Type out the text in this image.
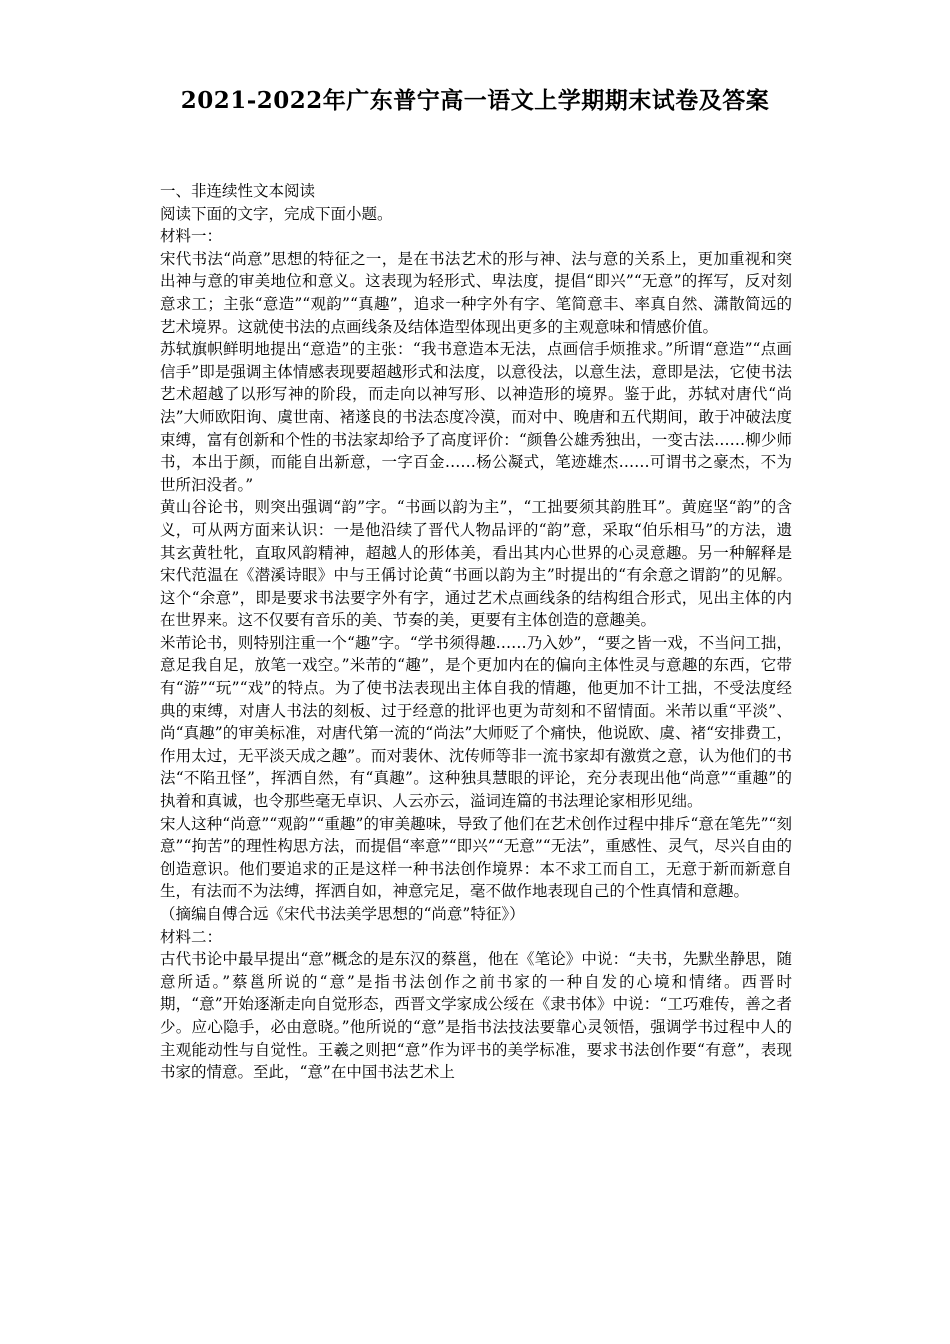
2021-2022年广东普宁高一语文上学期期末试卷及答案

一、非连续性文本阅读

阅读下面的文字，完成下面小题。

材料一：

宋代书法“尚意”思想的特征之一，是在书法艺术的形与神、法与意的关系上，更加重视和突出神与意的审美地位和意义。这表现为轻形式、卑法度，提倡“即兴”“无意”的挥写，反对刻意求工；主张“意造”“观韵”“真趣”，追求一种字外有字、笔简意丰、率真自然、潇散简远的艺术境界。这就使书法的点画线条及结体造型体现出更多的主观意味和情感价值。

苏轼旗帜鲜明地提出“意造”的主张：“我书意造本无法，点画信手烦推求。”所谓“意造”“点画信手”即是强调主体情感表现要超越形式和法度，以意役法，以意生法，意即是法，它使书法艺术超越了以形写神的阶段，而走向以神写形、以神造形的境界。鉴于此，苏轼对唐代“尚法”大师欧阳询、虞世南、褚遂良的书法态度冷漠，而对中、晚唐和五代期间，敢于冲破法度束缚，富有创新和个性的书法家却给予了高度评价：“颜鲁公雄秀独出，一变古法……柳少师书，本出于颜，而能自出新意，一字百金……杨公凝式，笔迹雄杰……可谓书之豪杰，不为世所汩没者。”

黄山谷论书，则突出强调“韵”字。“书画以韵为主”，“工拙要须其韵胜耳”。黄庭坚“韵”的含义，可从两方面来认识：一是他沿续了晋代人物品评的“韵”意，采取“伯乐相马”的方法，遗其玄黄牡牝，直取风韵精神，超越人的形体美，看出其内心世界的心灵意趣。另一种解释是宋代范温在《潜溪诗眼》中与王偁讨论黄“书画以韵为主”时提出的“有余意之谓韵”的见解。这个“余意”，即是要求书法要字外有字，通过艺术点画线条的结构组合形式，见出主体的内在世界来。这不仅要有音乐的美、节奏的美，更要有主体创造的意趣美。

米芾论书，则特别注重一个“趣”字。“学书须得趣……乃入妙”，“要之皆一戏，不当问工拙，意足我自足，放笔一戏空。”米芾的“趣”，是个更加内在的偏向主体性灵与意趣的东西，它带有“游”“玩”“戏”的特点。为了使书法表现出主体自我的情趣，他更加不计工拙，不受法度经典的束缚，对唐人书法的刻板、过于经意的批评也更为苛刻和不留情面。米芾以重“平淡”、尚“真趣”的审美标准，对唐代第一流的“尚法”大师贬了个痛快，他说欧、虞、褚“安排费工，作用太过，无平淡天成之趣”。而对裴休、沈传师等非一流书家却有激赏之意，认为他们的书法“不陷丑怪”，挥洒自然，有“真趣”。这种独具慧眼的评论，充分表现出他“尚意”“重趣”的执着和真诚，也令那些毫无卓识、人云亦云，溢词连篇的书法理论家相形见绌。

宋人这种“尚意”“观韵”“重趣”的审美趣味，导致了他们在艺术创作过程中排斥“意在笔先”“刻意”“拘苦”的理性构思方法，而提倡“率意”“即兴”“无意”“无法”，重感性、灵气，尽兴自由的创造意识。他们要追求的正是这样一种书法创作境界：本不求工而自工，无意于新而新意自生，有法而不为法缚，挥洒自如，神意完足，毫不做作地表现自己的个性真情和意趣。

（摘编自傅合远《宋代书法美学思想的“尚意”特征》）

材料二：

古代书论中最早提出“意”概念的是东汉的蔡邕，他在《笔论》中说：“夫书，先默坐静思，随意所适。”蔡邕所说的“意”是指书法创作之前书家的一种自发的心境和情绪。西晋时期，“意”开始逐渐走向自觉形态，西晋文学家成公绥在《隶书体》中说：“工巧难传，善之者少。应心隐手，必由意晓。”他所说的“意”是指书法技法要靠心灵领悟，强调学书过程中人的主观能动性与自觉性。王羲之则把“意”作为评书的美学标准，要求书法创作要“有意”，表现书家的情意。至此，“意”在中国书法艺术上
